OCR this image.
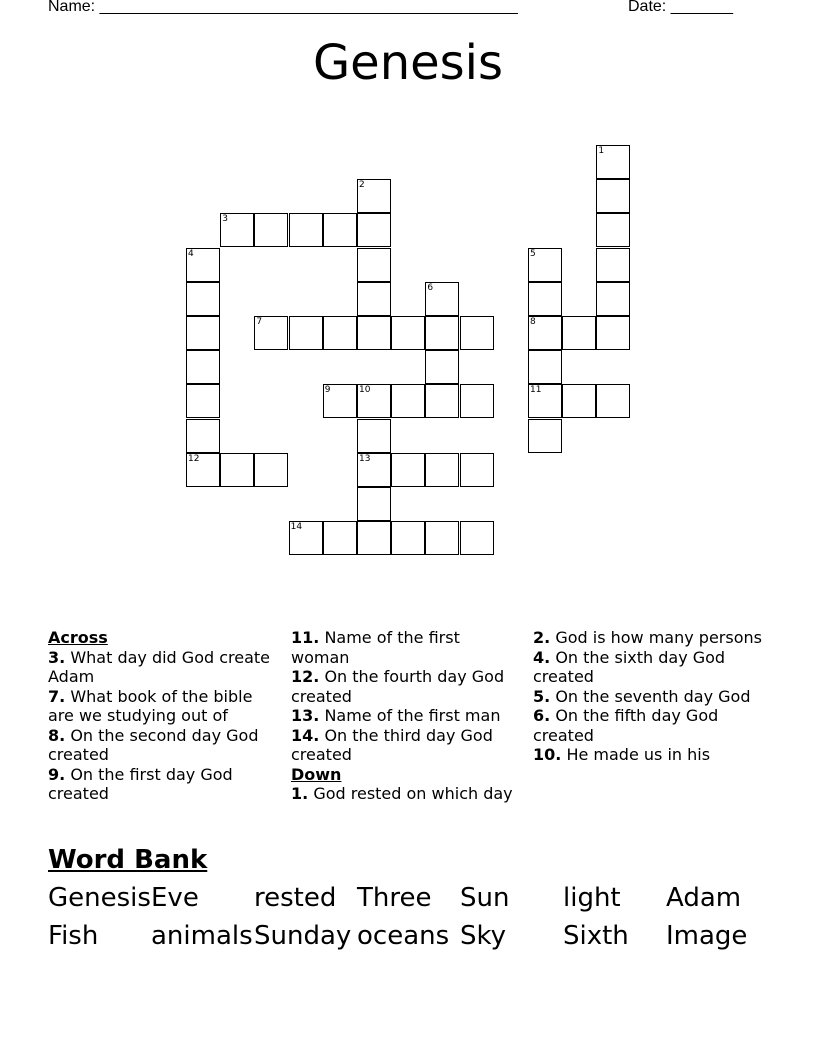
Name: _______________________________________________	Date: _______
Genesis
1
2
3
4
12
5
8
11
6
7
9	10
13
14
Across
3. What day did God create Adam
7. What book of the bible are we studying out of
8. On the second day God created
9. On the first day God created
11. Name of the first woman
12. On the fourth day God created
13. Name of the first man
14. On the third day God created
Down
1. God rested on which day
2. God is how many persons
4. On the sixth day God created
5. On the seventh day God
6. On the fifth day God created
10. He made us in his
Word Bank
Genesis Eve	rested Three	Sun	light	Adam
Fish	animals Sunday oceans Sky	Sixth	Image
